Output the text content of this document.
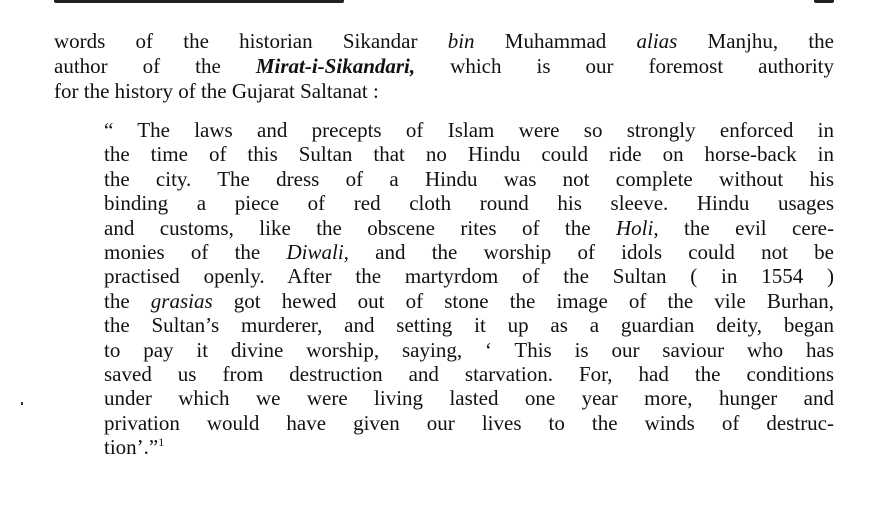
words of the historian Sikandar bin Muhammad alias Manjhu, the
author of the Mirat-i-Sikandari, which is our foremost authority
for the history of the Gujarat Saltanat :
“ The laws and precepts of Islam were so strongly enforced in
the time of this Sultan that no Hindu could ride on horse-back in
the city. The dress of a Hindu was not complete without his
binding a piece of red cloth round his sleeve. Hindu usages
and customs, like the obscene rites of the Holi, the evil cere-
monies of the Diwali, and the worship of idols could not be
practised openly. After the martyrdom of the Sultan ( in 1554 )
the grasias got hewed out of stone the image of the vile Burhan,
the Sultan’s murderer, and setting it up as a guardian deity, began
to pay it divine worship, saying, ‘ This is our saviour who has
saved us from destruction and starvation. For, had the conditions
under which we were living lasted one year more, hunger and
privation would have given our lives to the winds of destruc-
tion’.”$^1$
